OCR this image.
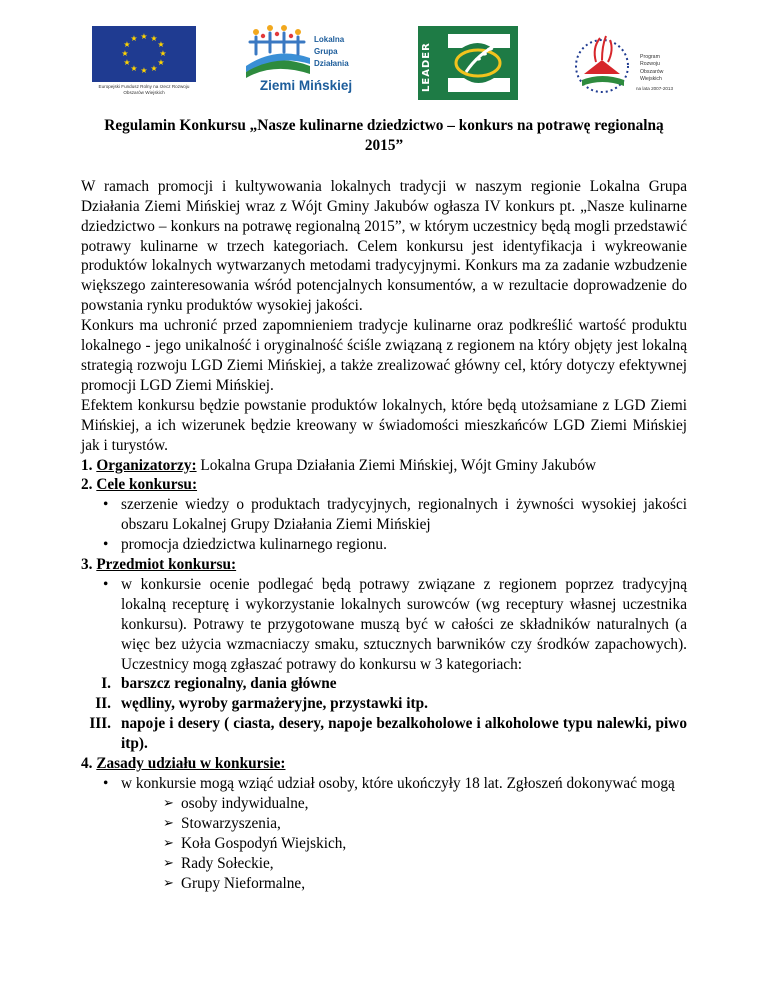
★ ★
★
★
★
★
★
★
★
★
★
★
Europejski Fundusz Rolny na rzecz Rozwoju Obszarów Wiejskich
Lokalna
Grupa
Działania
Ziemi Mińskiej	LEADER	Program
Rozwoju
Obszarów
Wiejskich
na lata 2007-2013
Regulamin Konkursu „Nasze kulinarne dziedzictwo – konkurs na potrawę regionalną 2015”

W ramach promocji i kultywowania lokalnych tradycji w naszym regionie Lokalna Grupa Działania Ziemi Mińskiej wraz z Wójt Gminy Jakubów ogłasza IV konkurs pt. „Nasze kulinarne dziedzictwo – konkurs na potrawę regionalną 2015”, w którym uczestnicy będą mogli przedstawić potrawy kulinarne w trzech kategoriach. Celem konkursu jest identyfikacja i wykreowanie produktów lokalnych wytwarzanych metodami tradycyjnymi. Konkurs ma za zadanie wzbudzenie większego zainteresowania wśród potencjalnych konsumentów, a w rezultacie doprowadzenie do powstania rynku produktów wysokiej jakości.

Konkurs ma uchronić przed zapomnieniem tradycje kulinarne oraz podkreślić wartość produktu lokalnego - jego unikalność i oryginalność ściśle związaną z regionem na który objęty jest lokalną strategią rozwoju LGD Ziemi Mińskiej, a także zrealizować główny cel, który dotyczy efektywnej promocji LGD Ziemi Mińskiej.

Efektem konkursu będzie powstanie produktów lokalnych, które będą utożsamiane z LGD Ziemi Mińskiej, a ich wizerunek będzie kreowany w świadomości mieszkańców LGD Ziemi Mińskiej jak i turystów.

1. Organizatorzy: Lokalna Grupa Działania Ziemi Mińskiej, Wójt Gminy Jakubów
2. Cele konkursu:
• szerzenie wiedzy o produktach tradycyjnych, regionalnych i żywności wysokiej jakości obszaru Lokalnej Grupy Działania Ziemi Mińskiej
• promocja dziedzictwa kulinarnego regionu.
3. Przedmiot konkursu:
• w konkursie ocenie podlegać będą potrawy związane z regionem poprzez tradycyjną lokalną recepturę i wykorzystanie lokalnych surowców (wg receptury własnej uczestnika konkursu). Potrawy te przygotowane muszą być w całości ze składników naturalnych (a więc bez użycia wzmacniaczy smaku, sztucznych barwników czy środków zapachowych). Uczestnicy mogą zgłaszać potrawy do konkursu w 3 kategoriach:
I. barszcz regionalny, dania główne
II. wędliny, wyroby garmażeryjne, przystawki itp.
III. napoje i desery ( ciasta, desery, napoje bezalkoholowe i alkoholowe typu nalewki, piwo itp).
4. Zasady udziału w konkursie:
• w konkursie mogą wziąć udział osoby, które ukończyły 18 lat. Zgłoszeń dokonywać mogą
➢ osoby indywidualne,
➢ Stowarzyszenia,
➢ Koła Gospodyń Wiejskich,
➢ Rady Sołeckie,
➢ Grupy Nieformalne,
